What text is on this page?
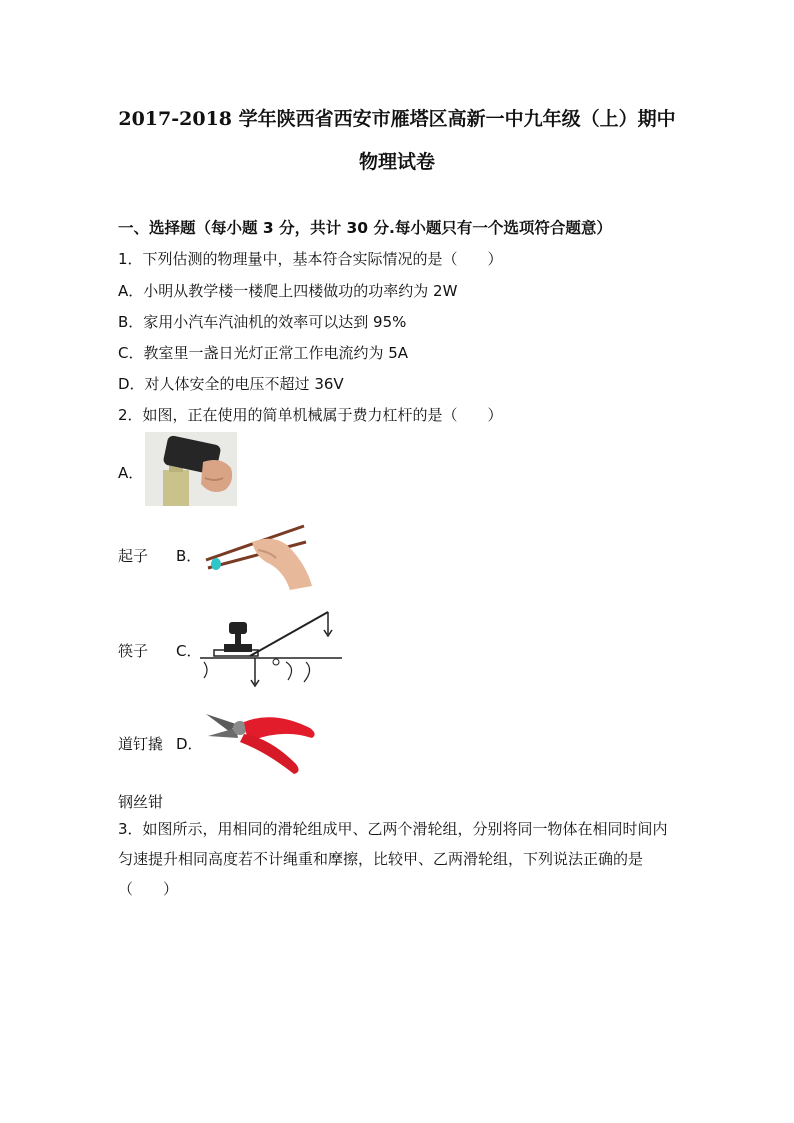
2017-2018 学年陕西省西安市雁塔区高新一中九年级（上）期中
物理试卷
一、选择题（每小题 3 分，共计 30 分.每小题只有一个选项符合题意）
1．下列估测的物理量中，基本符合实际情况的是（　　）
A．小明从教学楼一楼爬上四楼做功的功率约为 2W
B．家用小汽车汽油机的效率可以达到 95%
C．教室里一盏日光灯正常工作电流约为 5A
D．对人体安全的电压不超过 36V
2．如图，正在使用的简单机械属于费力杠杆的是（　　）
A．
起子 B．
筷子 C．
道钉撬 D．
钢丝钳
3．如图所示，用相同的滑轮组成甲、乙两个滑轮组，分别将同一物体在相同时间内匀速提升相同高度若不计绳重和摩擦，比较甲、乙两滑轮组，下列说法正确的是（　　）
